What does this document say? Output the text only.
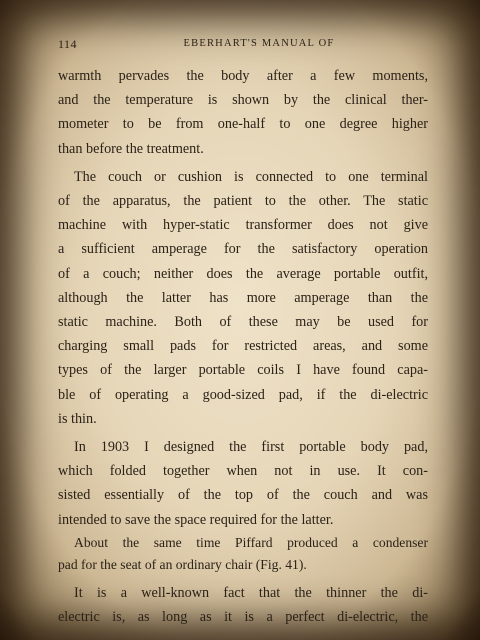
114	EBERHART'S MANUAL OF
warmth pervades the body after a few moments,
and the temperature is shown by the clinical ther-
mometer to be from one-half to one degree higher
than before the treatment.
The couch or cushion is connected to one terminal
of the apparatus, the patient to the other. The static
machine with hyper-static transformer does not give
a sufficient amperage for the satisfactory operation
of a couch; neither does the average portable outfit,
although the latter has more amperage than the
static machine. Both of these may be used for
charging small pads for restricted areas, and some
types of the larger portable coils I have found capa-
ble of operating a good-sized pad, if the di-electric
is thin.
In 1903 I designed the first portable body pad,
which folded together when not in use. It con-
sisted essentially of the top of the couch and was
intended to save the space required for the latter.
About the same time Piffard produced a condenser
pad for the seat of an ordinary chair (Fig. 41).
It is a well-known fact that the thinner the di-
electric is, as long as it is a perfect di-electric, the
